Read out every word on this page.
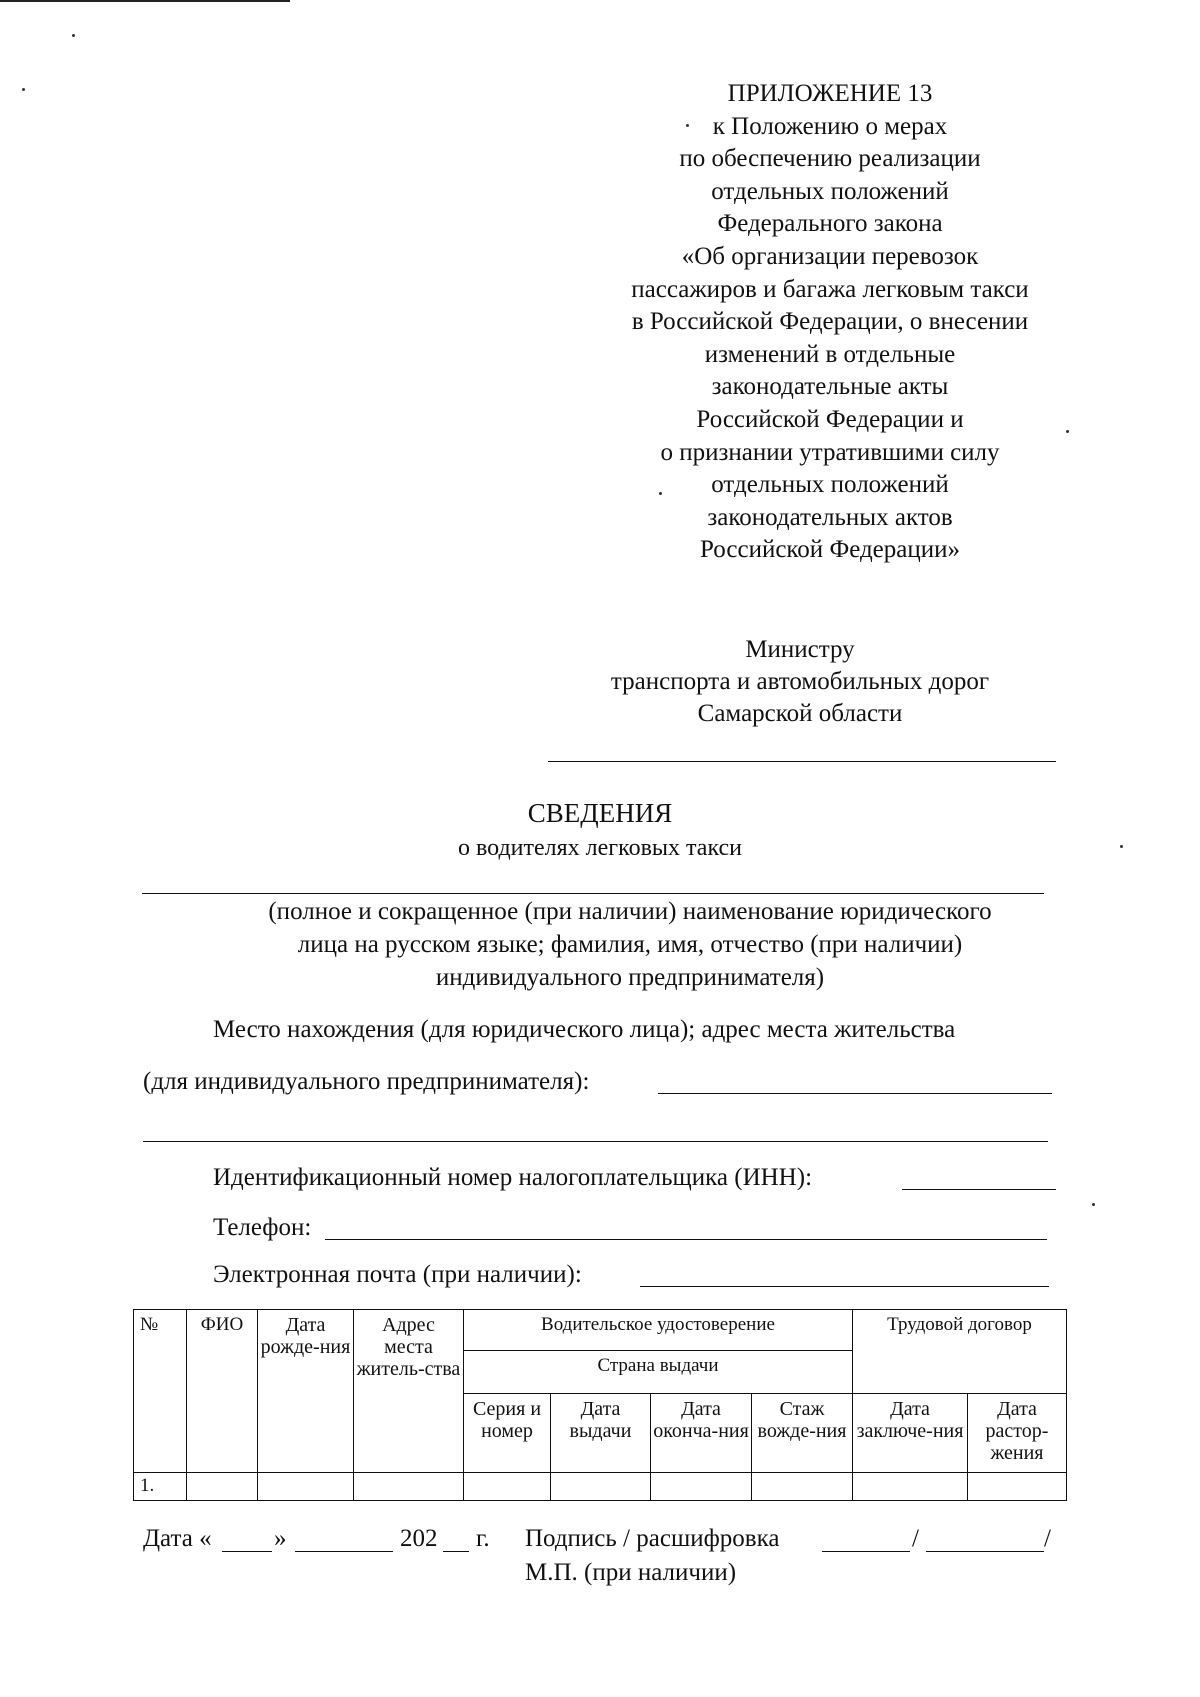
ПРИЛОЖЕНИЕ 13
к Положению о мерах
по обеспечению реализации
отдельных положений
Федерального закона
«Об организации перевозок
пассажиров и багажа легковым такси
в Российской Федерации, о внесении
изменений в отдельные
законодательные акты
Российской Федерации и
о признании утратившими силу
отдельных положений
законодательных актов
Российской Федерации»
Министру
транспорта и автомобильных дорог
Самарской области
СВЕДЕНИЯ
о водителях легковых такси
(полное и сокращенное (при наличии) наименование юридического
лица на русском языке; фамилия, имя, отчество (при наличии)
индивидуального предпринимателя)
Место нахождения (для юридического лица); адрес места жительства
(для индивидуального предпринимателя):
Идентификационный номер налогоплательщика (ИНН):
Телефон:
Электронная почта (при наличии):
№	ФИО	Дата рожде-ния	Адрес места житель-ства	Водительское удостоверение				Трудовой договор	
				Страна выдачи					
				Серия и номер	Дата выдачи	Дата оконча-ния	Стаж вожде-ния	Дата заключе-ния	Дата растор-жения
1.									
Дата « »	202 г. Подпись / расшифровка	/	/
М.П. (при наличии)
